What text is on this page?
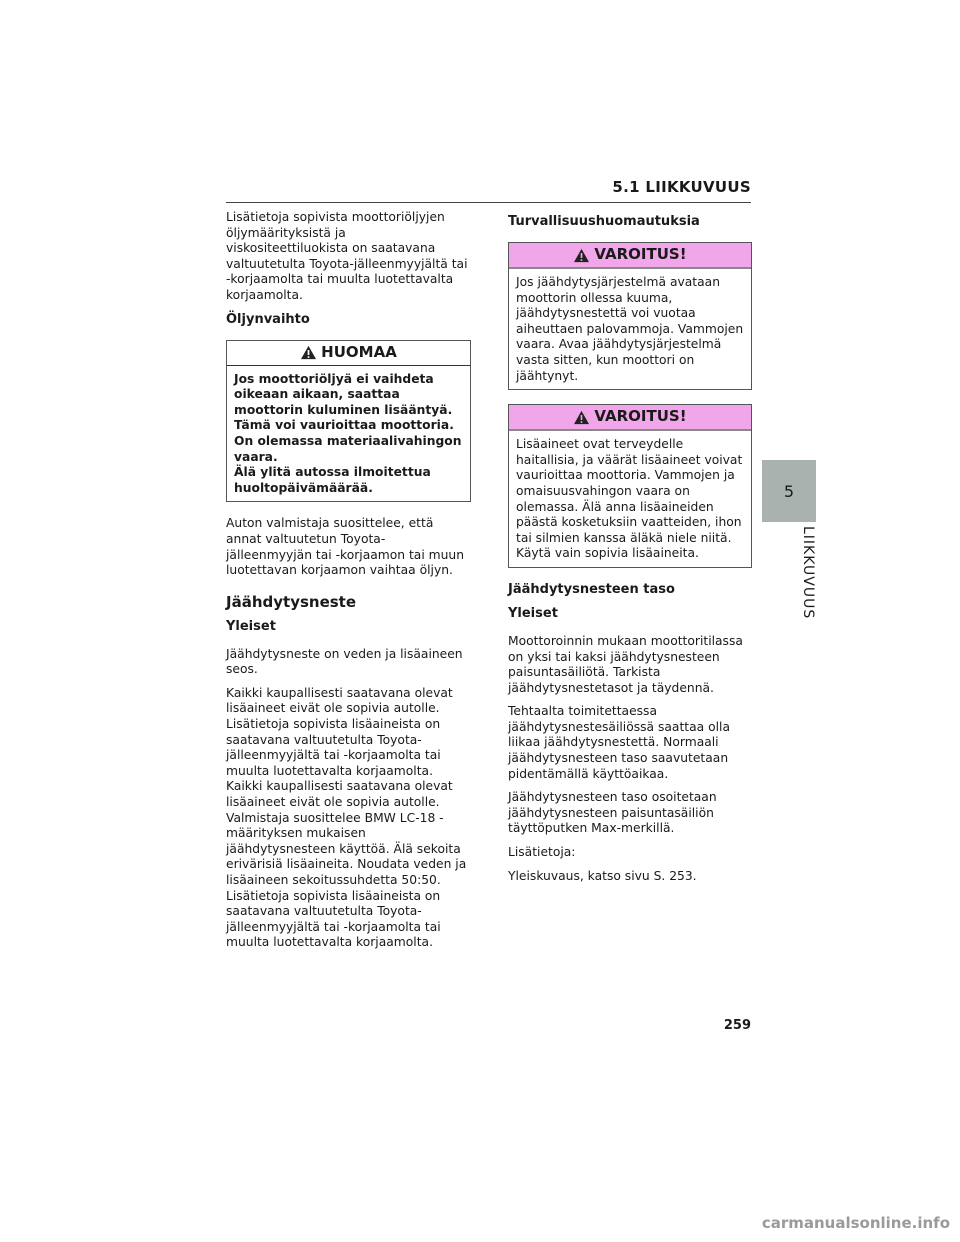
5.1 LIIKKUVUUS

Lisätietoja sopivista moottoriöljyjen öljymäärityksistä ja viskositeettiluokista on saatavana valtuutetulta Toyota-jälleenmyyjältä tai -korjaamolta tai muulta luotettavalta korjaamolta.

Öljynvaihto
HUOMAA
Jos moottoriöljyä ei vaihdeta oikeaan aikaan, saattaa moottorin kuluminen lisääntyä. Tämä voi vaurioittaa moottoria. On olemassa materiaalivahingon vaara.
Älä ylitä autossa ilmoitettua huoltopäivämäärää.

Auton valmistaja suosittelee, että annat valtuutetun Toyota-jälleenmyyjän tai -korjaamon tai muun luotettavan korjaamon vaihtaa öljyn.

Jäähdytysneste
Yleiset

Jäähdytysneste on veden ja lisäaineen seos.

Kaikki kaupallisesti saatavana olevat lisäaineet eivät ole sopivia autolle. Lisätietoja sopivista lisäaineista on saatavana valtuutetulta Toyota-jälleenmyyjältä tai -korjaamolta tai muulta luotettavalta korjaamolta. Kaikki kaupallisesti saatavana olevat lisäaineet eivät ole sopivia autolle. Valmistaja suosittelee BMW LC-18 -määrityksen mukaisen jäähdytysnesteen käyttöä. Älä sekoita erivärisiä lisäaineita. Noudata veden ja lisäaineen sekoitussuhdetta 50:50. Lisätietoja sopivista lisäaineista on saatavana valtuutetulta Toyota-jälleenmyyjältä tai -korjaamolta tai muulta luotettavalta korjaamolta.

Turvallisuushuomautuksia
VAROITUS!
Jos jäähdytysjärjestelmä avataan moottorin ollessa kuuma, jäähdytysnestettä voi vuotaa aiheuttaen palovammoja. Vammojen vaara. Avaa jäähdytysjärjestelmä vasta sitten, kun moottori on jäähtynyt.
VAROITUS!
Lisäaineet ovat terveydelle haitallisia, ja väärät lisäaineet voivat vaurioittaa moottoria. Vammojen ja omaisuusvahingon vaara on olemassa. Älä anna lisäaineiden päästä kosketuksiin vaatteiden, ihon tai silmien kanssa äläkä niele niitä. Käytä vain sopivia lisäaineita.
Jäähdytysnesteen taso
Yleiset

Moottoroinnin mukaan moottoritilassa on yksi tai kaksi jäähdytysnesteen paisuntasäiliötä. Tarkista jäähdytysnestetasot ja täydennä.

Tehtaalta toimitettaessa jäähdytysnestesäiliössä saattaa olla liikaa jäähdytysnestettä. Normaali jäähdytysnesteen taso saavutetaan pidentämällä käyttöaikaa.

Jäähdytysnesteen taso osoitetaan jäähdytysnesteen paisuntasäiliön täyttöputken Max-merkillä.

Lisätietoja:

Yleiskuvaus, katso sivu S. 253.

5
LIIKKUVUUS
259
carmanualsonline.info
